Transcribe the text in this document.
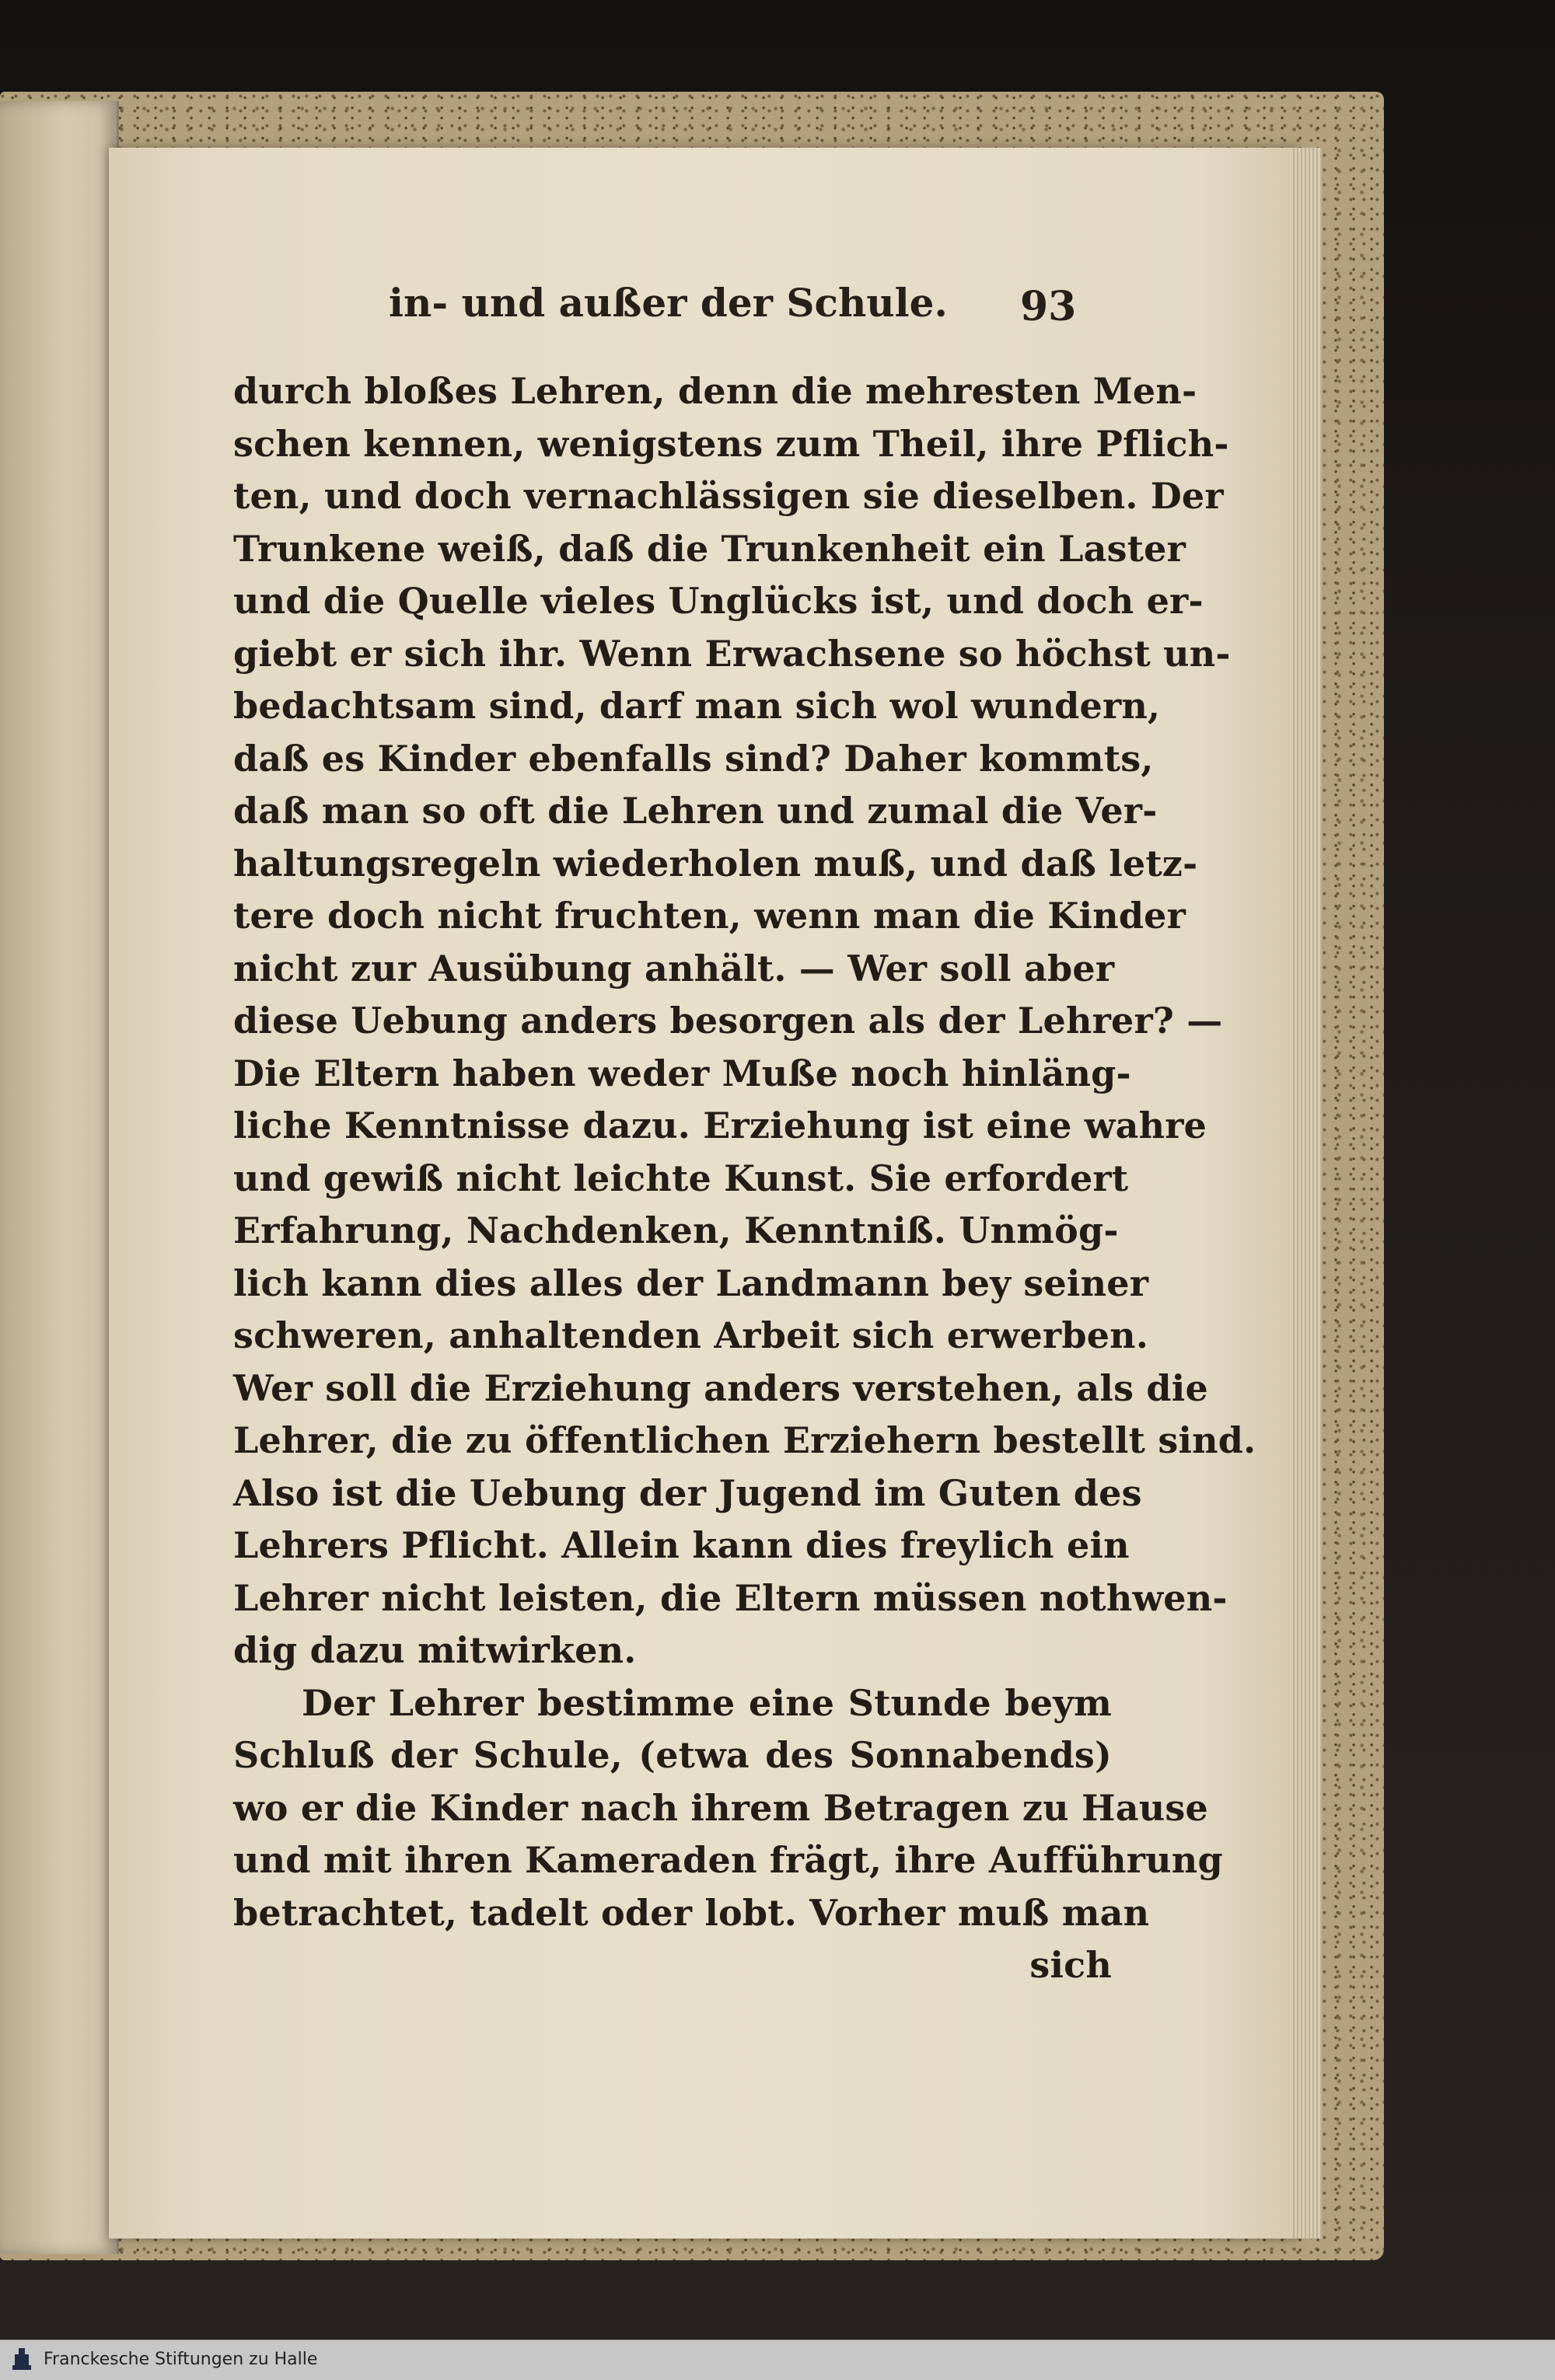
in- und außer der Schule. 93
durch bloßes Lehren, denn die mehresten Men-
schen kennen, wenigstens zum Theil, ihre Pflich-
ten, und doch vernachlässigen sie dieselben. Der
Trunkene weiß, daß die Trunkenheit ein Laster
und die Quelle vieles Unglücks ist, und doch er-
giebt er sich ihr. Wenn Erwachsene so höchst un-
bedachtsam sind, darf man sich wol wundern,
daß es Kinder ebenfalls sind? Daher kommts,
daß man so oft die Lehren und zumal die Ver-
haltungsregeln wiederholen muß, und daß letz-
tere doch nicht fruchten, wenn man die Kinder
nicht zur Ausübung anhält. — Wer soll aber
diese Uebung anders besorgen als der Lehrer? —
Die Eltern haben weder Muße noch hinläng-
liche Kenntnisse dazu. Erziehung ist eine wahre
und gewiß nicht leichte Kunst. Sie erfordert
Erfahrung, Nachdenken, Kenntniß. Unmög-
lich kann dies alles der Landmann bey seiner
schweren, anhaltenden Arbeit sich erwerben.
Wer soll die Erziehung anders verstehen, als die
Lehrer, die zu öffentlichen Erziehern bestellt sind.
Also ist die Uebung der Jugend im Guten des
Lehrers Pflicht. Allein kann dies freylich ein
Lehrer nicht leisten, die Eltern müssen nothwen-
dig dazu mitwirken.
Der Lehrer bestimme eine Stunde beym
Schluß der Schule, (etwa des Sonnabends)
wo er die Kinder nach ihrem Betragen zu Hause
und mit ihren Kameraden frägt, ihre Aufführung
betrachtet, tadelt oder lobt. Vorher muß man
sich
Franckesche Stiftungen zu Halle
